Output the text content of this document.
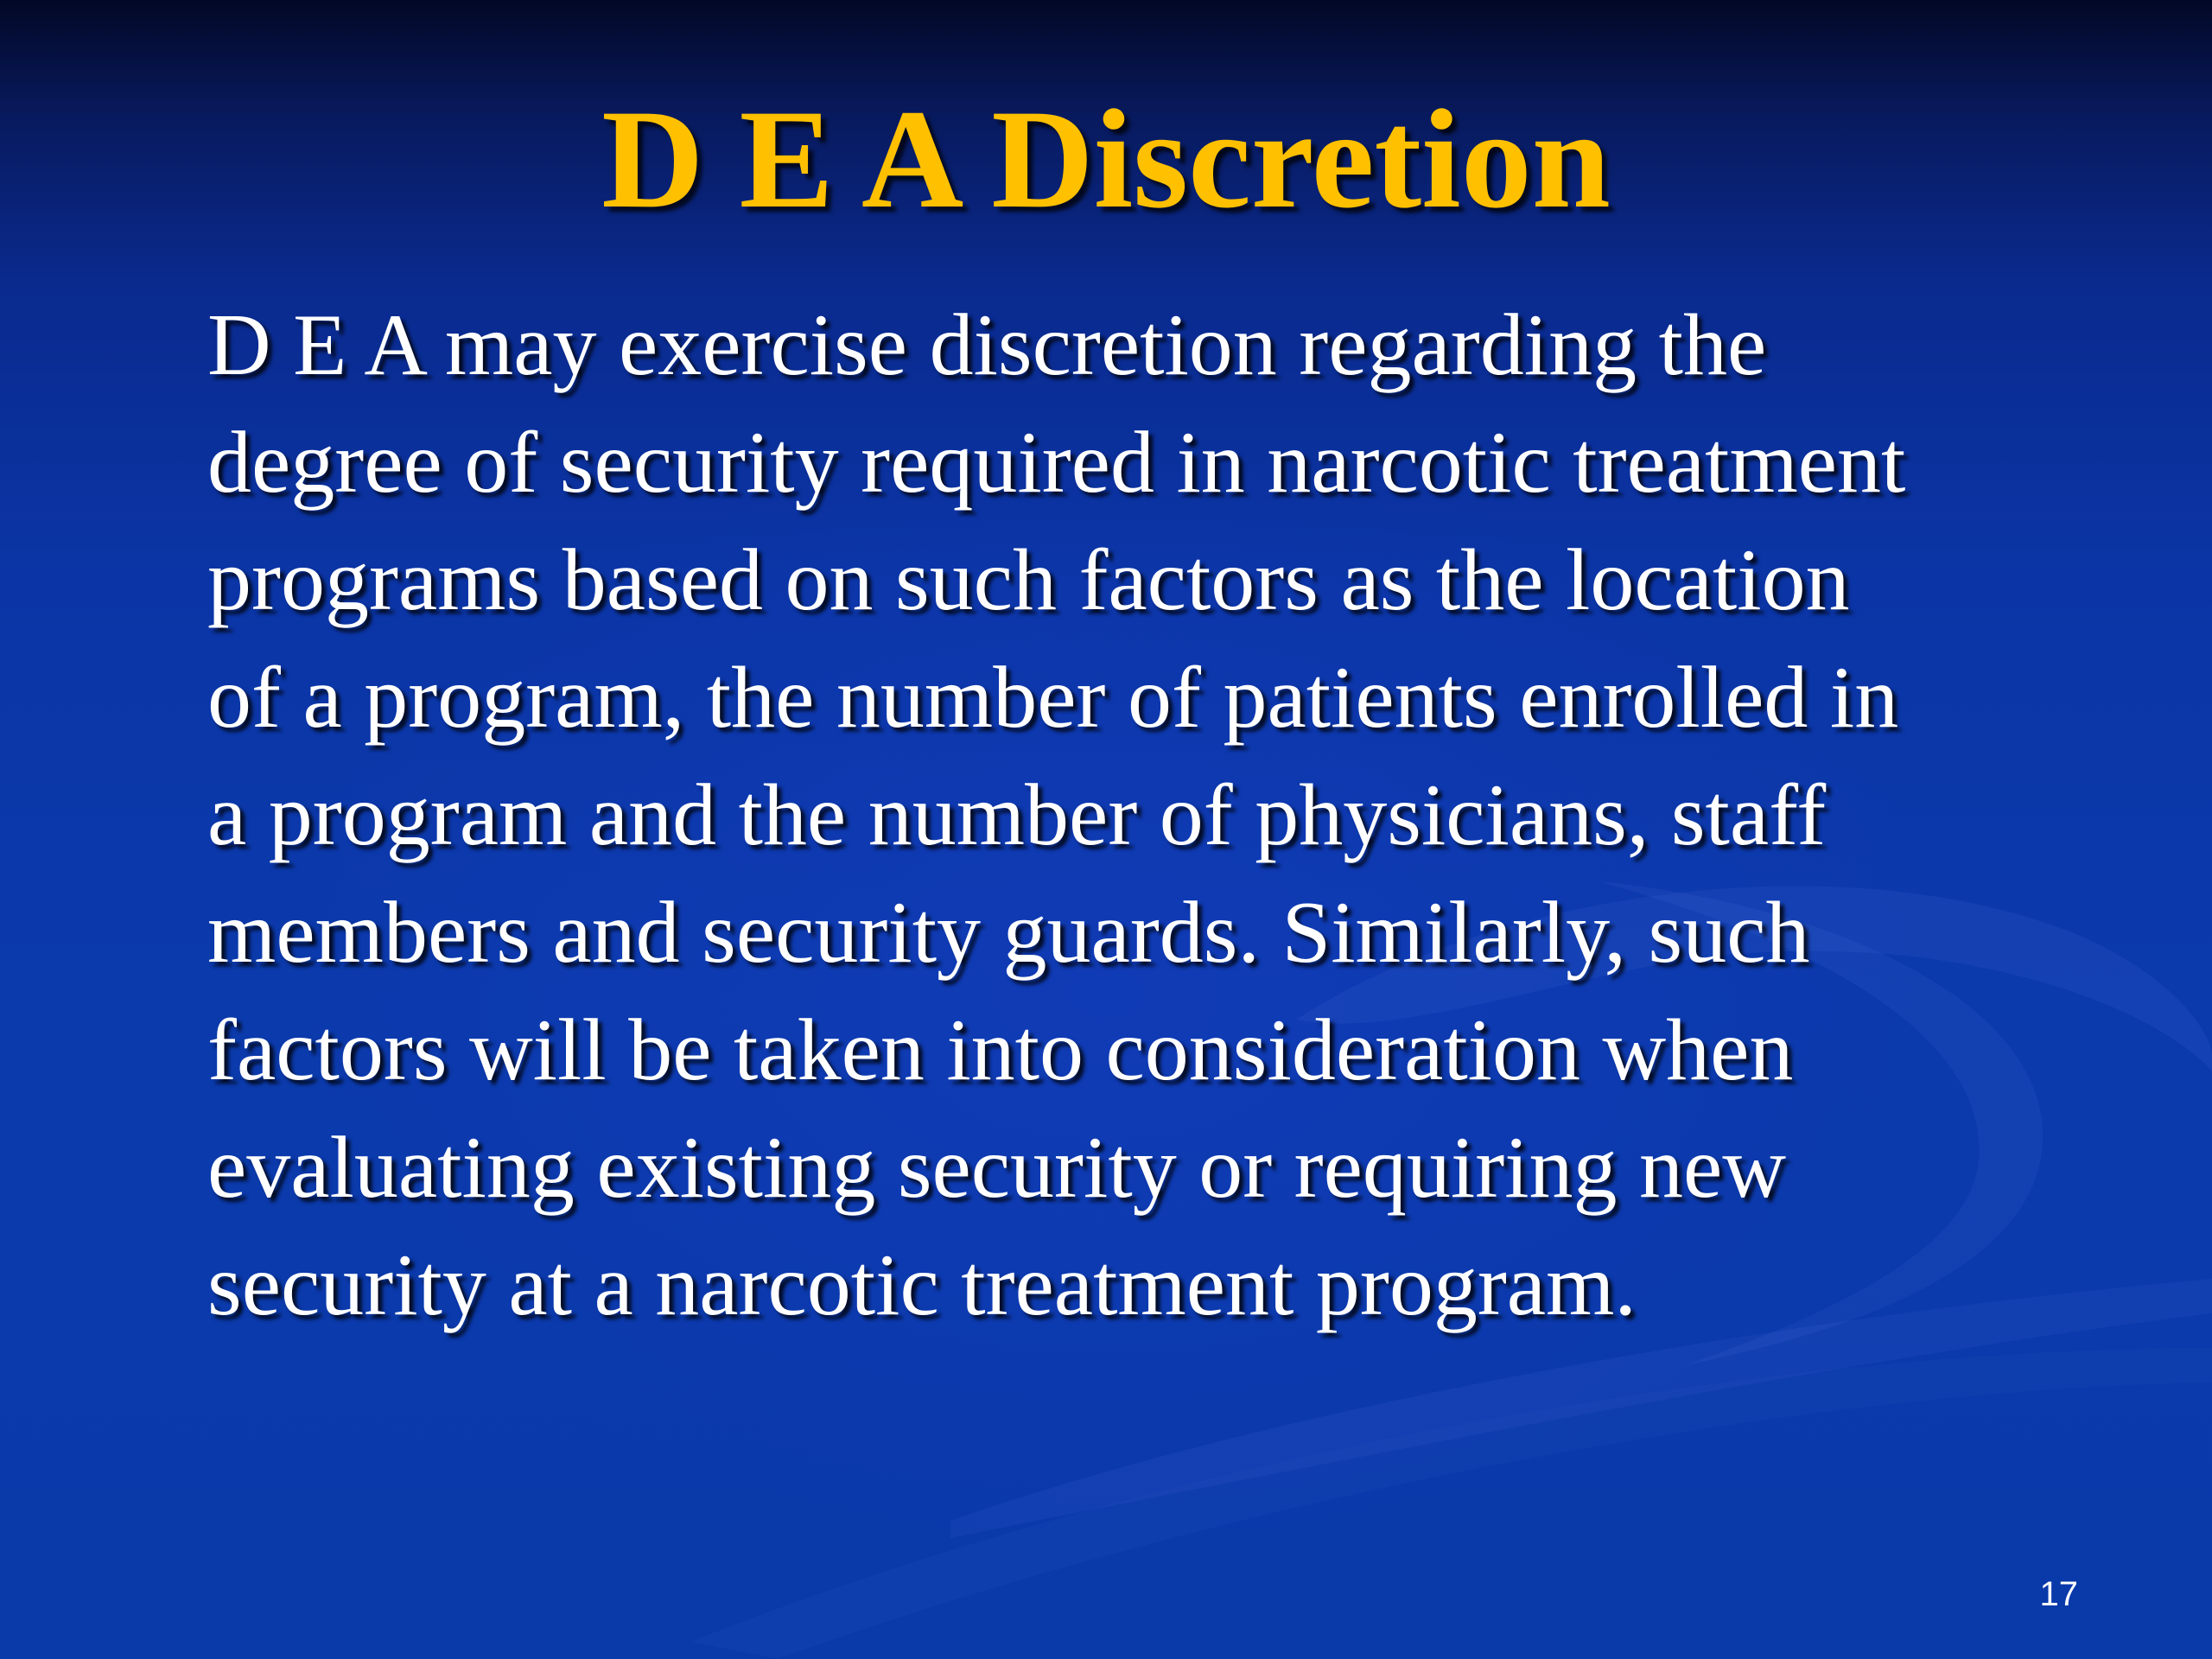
D E A Discretion

D E A may exercise discretion regarding the
degree of security required in narcotic treatment
programs based on such factors as the location
of a program, the number of patients enrolled in
a program and the number of physicians, staff
members and security guards. Similarly, such
factors will be taken into consideration when
evaluating existing security or requiring new
security at a narcotic treatment program.

17
